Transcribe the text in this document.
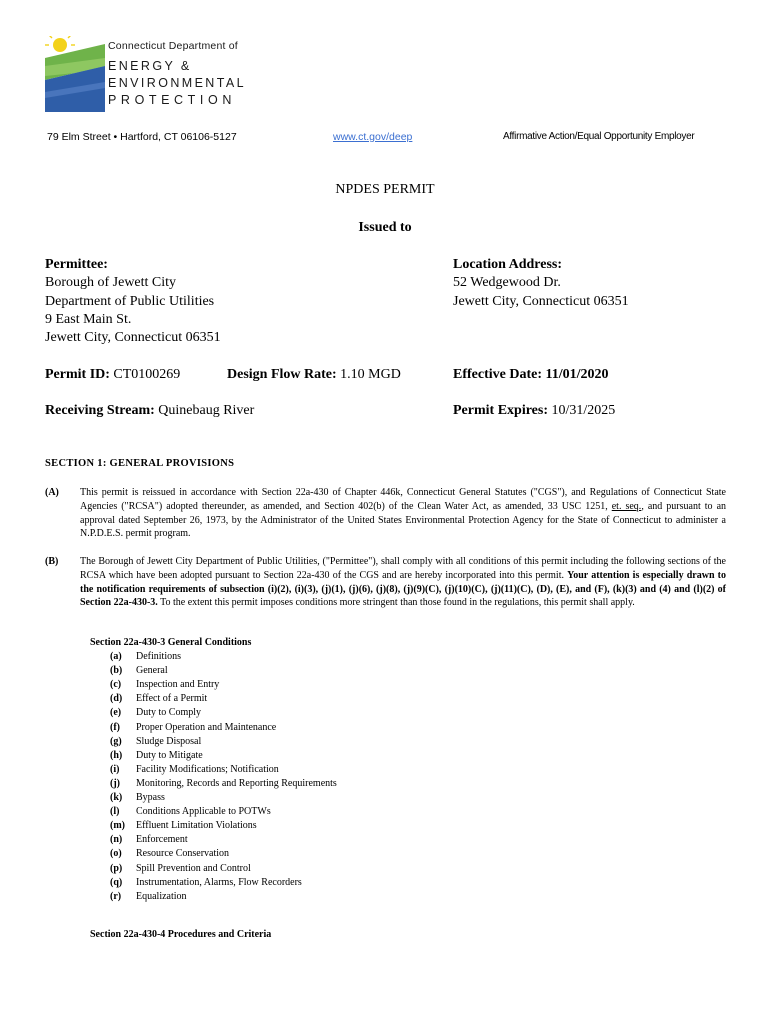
Connecticut Department of
ENERGY &
ENVIRONMENTAL
PROTECTION
79 Elm Street • Hartford, CT 06106-5127	www.ct.gov/deep	Affirmative Action/Equal Opportunity Employer
NPDES PERMIT
Issued to
Permittee:
Borough of Jewett City
Department of Public Utilities
9 East Main St.
Jewett City, Connecticut 06351
Location Address:
52 Wedgewood Dr.
Jewett City, Connecticut 06351
Permit ID: CT0100269	Design Flow Rate: 1.10 MGD	Effective Date: 11/01/2020
Receiving Stream: Quinebaug River	Permit Expires: 10/31/2025
SECTION 1: GENERAL PROVISIONS
(A) This permit is reissued in accordance with Section 22a-430 of Chapter 446k, Connecticut General Statutes ("CGS"), and Regulations of Connecticut State Agencies ("RCSA") adopted thereunder, as amended, and Section 402(b) of the Clean Water Act, as amended, 33 USC 1251, et. seq., and pursuant to an approval dated September 26, 1973, by the Administrator of the United States Environmental Protection Agency for the State of Connecticut to administer a N.P.D.E.S. permit program.
(B) The Borough of Jewett City Department of Public Utilities, ("Permittee"), shall comply with all conditions of this permit including the following sections of the RCSA which have been adopted pursuant to Section 22a-430 of the CGS and are hereby incorporated into this permit. Your attention is especially drawn to the notification requirements of subsection (i)(2), (i)(3), (j)(1), (j)(6), (j)(8), (j)(9)(C), (j)(10)(C), (j)(11)(C), (D), (E), and (F), (k)(3) and (4) and (l)(2) of Section 22a-430-3. To the extent this permit imposes conditions more stringent than those found in the regulations, this permit shall apply.
Section 22a-430-3 General Conditions
(a)	Definitions
(b)	General
(c)	Inspection and Entry
(d)	Effect of a Permit
(e)	Duty to Comply
(f)	Proper Operation and Maintenance
(g)	Sludge Disposal
(h)	Duty to Mitigate
(i)	Facility Modifications; Notification
(j)	Monitoring, Records and Reporting Requirements
(k)	Bypass
(l)	Conditions Applicable to POTWs
(m)	Effluent Limitation Violations
(n)	Enforcement
(o)	Resource Conservation
(p)	Spill Prevention and Control
(q)	Instrumentation, Alarms, Flow Recorders
(r)	Equalization
Section 22a-430-4 Procedures and Criteria
